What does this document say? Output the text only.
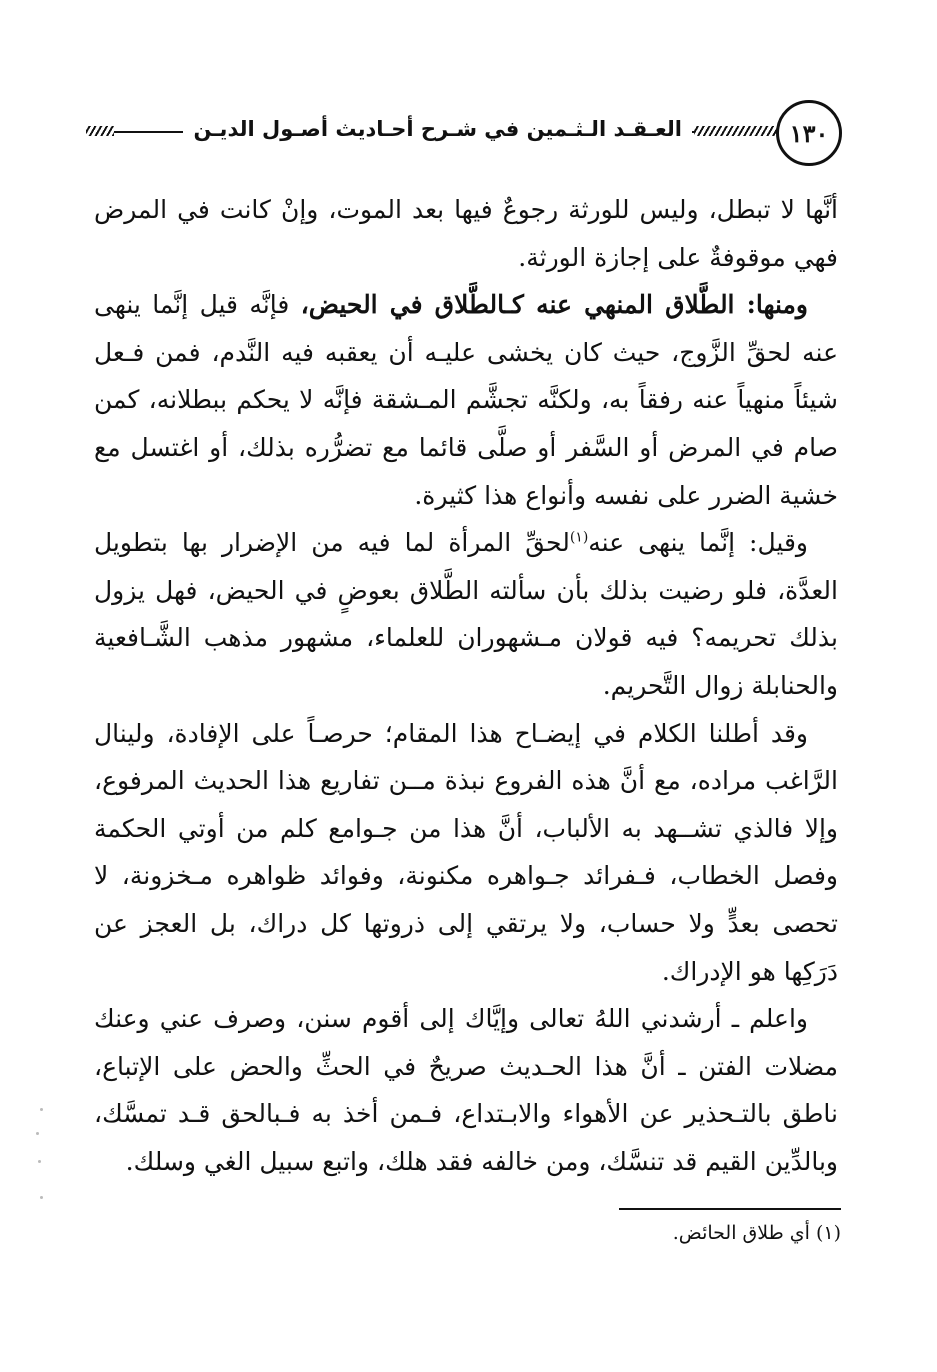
العـقـد الـثـمين في شـرح أحـاديث أصـول الديـن	١٣٠

أنَّها لا تبطل، وليس للورثة رجوعٌ فيها بعد الموت، وإنْ كانت في المرض فهي موقوفةٌ على إجازة الورثة.

ومنها: الطَّلاق المنهي عنه كـالطَّلاق في الحيض، فإنَّه قيل إنَّما ينهى عنه لحقِّ الزَّوج، حيث كان يخشى عليـه أن يعقبه فيه النَّدم، فمن فـعل شيئاً منهياً عنه رفقاً به، ولكنَّه تجشَّم المـشقة فإنَّه لا يحكم ببطلانه، كمن صام في المرض أو السَّفر أو صلَّى قائما مع تضرُّره بذلك، أو اغتسل مع خشية الضرر على نفسه وأنواع هذا كثيرة.

وقيل: إنَّما ينهى عنه$^{(١)}$لحقِّ المرأة لما فيه من الإضرار بها بتطويل العدَّة، فلو رضيت بذلك بأن سألته الطَّلاق بعوضٍ في الحيض، فهل يزول بذلك تحريمه؟ فيه قولان مـشهوران للعلماء، مشهور مذهب الشَّـافعية والحنابلة زوال التَّحريم.

وقد أطلنا الكلام في إيضـاح هذا المقام؛ حرصـاً على الإفادة، ولينال الرَّاغب مراده، مع أنَّ هذه الفروع نبذة مــن تفاريع هذا الحديث المرفوع، وإلا فالذي تشــهد به الألباب، أنَّ هذا من جـوامع كلم من أوتي الحكمة وفصل الخطاب، فـفرائد جـواهره مكنونة، وفوائد ظواهره مـخزونة، لا تحصى بعدٍّ ولا حساب، ولا يرتقي إلى ذروتها كل دراك، بل العجز عن دَرَكِها هو الإدراك.

واعلم ـ أرشدني اللهُ تعالى وإيَّاك إلى أقوم سنن، وصرف عني وعنك مضلات الفتن ـ أنَّ هذا الحـديث صريحٌ في الحثِّ والحض على الإتباع، ناطق بالتـحذير عن الأهواء والابـتداع، فـمن أخذ به فـبالحق قـد تمسَّك، وبالدِّين القيم قد تنسَّك، ومن خالفه فقد هلك، واتبع سبيل الغي وسلك.

(١) أي طلاق الحائض.
